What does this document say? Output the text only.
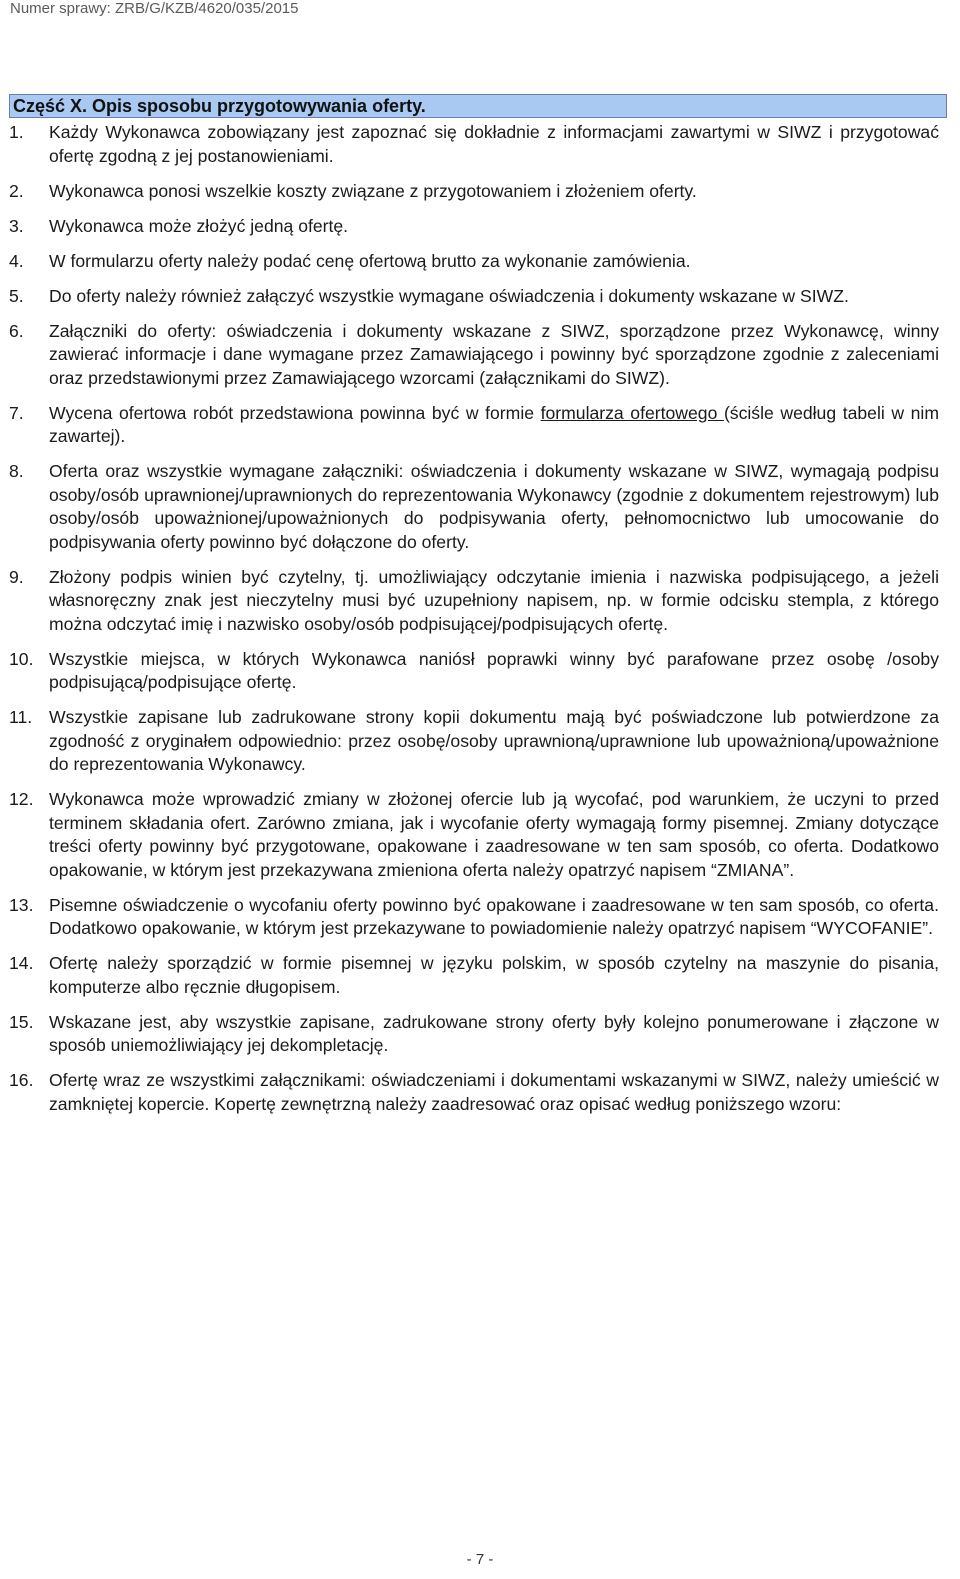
Numer sprawy: ZRB/G/KZB/4620/035/2015
Część X. Opis sposobu przygotowywania oferty.
1.	Każdy Wykonawca zobowiązany jest zapoznać się dokładnie z informacjami zawartymi w SIWZ i przygotować ofertę zgodną z jej postanowieniami.
2.	Wykonawca ponosi wszelkie koszty związane z przygotowaniem i złożeniem oferty.
3.	Wykonawca może złożyć jedną ofertę.
4.	W formularzu oferty należy podać cenę ofertową brutto za wykonanie zamówienia.
5.	Do oferty należy również załączyć wszystkie wymagane oświadczenia i dokumenty wskazane w SIWZ.
6.	Załączniki do oferty: oświadczenia i dokumenty wskazane z SIWZ, sporządzone przez Wykonawcę, winny zawierać informacje i dane wymagane przez Zamawiającego i powinny być sporządzone zgodnie z zaleceniami oraz przedstawionymi przez Zamawiającego wzorcami (załącznikami do SIWZ).
7.	Wycena ofertowa robót przedstawiona powinna być w formie formularza ofertowego (ściśle według tabeli w nim zawartej).
8.	Oferta oraz wszystkie wymagane załączniki: oświadczenia i dokumenty wskazane w SIWZ, wymagają podpisu osoby/osób uprawnionej/uprawnionych do reprezentowania Wykonawcy (zgodnie z dokumentem rejestrowym) lub osoby/osób upoważnionej/upoważnionych do podpisywania oferty, pełnomocnictwo lub umocowanie do podpisywania oferty powinno być dołączone do oferty.
9.	Złożony podpis winien być czytelny, tj. umożliwiający odczytanie imienia i nazwiska podpisującego, a jeżeli własnoręczny znak jest nieczytelny musi być uzupełniony napisem, np. w formie odcisku stempla, z którego można odczytać imię i nazwisko osoby/osób podpisującej/podpisujących ofertę.
10. Wszystkie miejsca, w których Wykonawca naniósł poprawki winny być parafowane przez osobę /osoby podpisującą/podpisujące ofertę.
11. Wszystkie zapisane lub zadrukowane strony kopii dokumentu mają być poświadczone lub potwierdzone za zgodność z oryginałem odpowiednio: przez osobę/osoby uprawnioną/uprawnione lub upoważnioną/upoważnione do reprezentowania Wykonawcy.
12. Wykonawca może wprowadzić zmiany w złożonej ofercie lub ją wycofać, pod warunkiem, że uczyni to przed terminem składania ofert. Zarówno zmiana, jak i wycofanie oferty wymagają formy pisemnej. Zmiany dotyczące treści oferty powinny być przygotowane, opakowane i zaadresowane w ten sam sposób, co oferta. Dodatkowo opakowanie, w którym jest przekazywana zmieniona oferta należy opatrzyć napisem “ZMIANA”.
13. Pisemne oświadczenie o wycofaniu oferty powinno być opakowane i zaadresowane w ten sam sposób, co oferta. Dodatkowo opakowanie, w którym jest przekazywane to powiadomienie należy opatrzyć napisem “WYCOFANIE”.
14. Ofertę należy sporządzić w formie pisemnej w języku polskim, w sposób czytelny na maszynie do pisania, komputerze albo ręcznie długopisem.
15. Wskazane jest, aby wszystkie zapisane, zadrukowane strony oferty były kolejno ponumerowane i złączone w sposób uniemożliwiający jej dekompletację.
16. Ofertę wraz ze wszystkimi załącznikami: oświadczeniami i dokumentami wskazanymi w SIWZ, należy umieścić w zamkniętej kopercie. Kopertę zewnętrzną należy zaadresować oraz opisać według poniższego wzoru:
- 7 -
